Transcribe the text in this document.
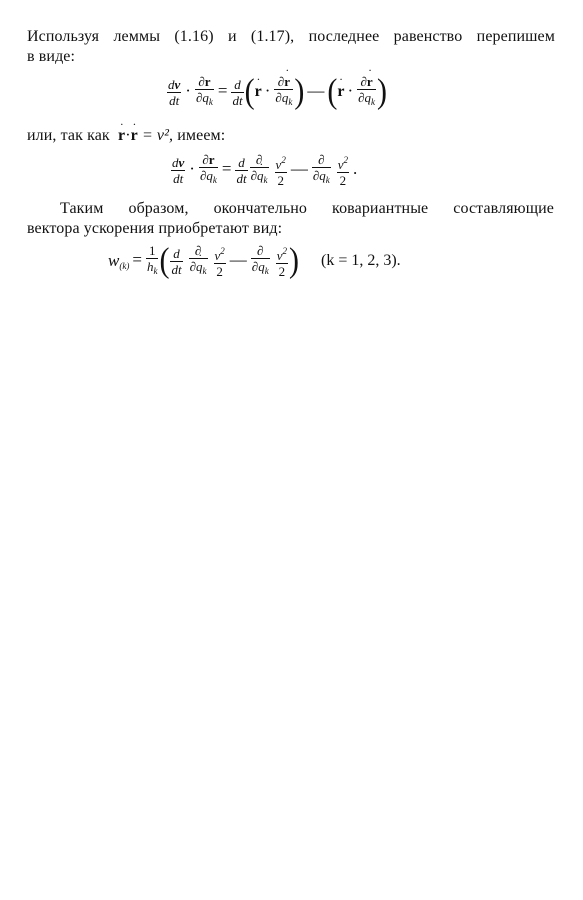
Используя леммы (1.16) и (1.17), последнее равенство перепишем
в виде:
$\frac{dv}{dt} \cdot \frac{\partial r}{\partial q_k} = \frac{d}{dt} (r$ ˙ · $\frac{\partial r ˙}{\partial q_k}$ ) — (r ˙ · $\frac{\partial r ˙}{\partial q_k}$ )
или, так как r ˙·r ˙ = v², имеем:
$\frac{dv}{dt} \cdot \frac{\partial r}{\partial q_k} = \frac{d}{dt} \frac{\partial}{\partial q ˙_k}$
$\frac{v^2}{2}$ — $\frac{\partial}{\partial q_k}$
$\frac{v^2}{2}$ .
Таким образом, окончательно ковариантные составляющие
вектора ускорения приобретают вид:
$w_{(k)} = \frac{1}{h_k}$ ( $\frac{d}{dt}$
$\frac{\partial}{\partial q ˙_k}$
$\frac{v^2}{2}$ — $\frac{\partial}{\partial q_k}$
$\frac{v^2}{2}$ ) (k = 1, 2, 3).
